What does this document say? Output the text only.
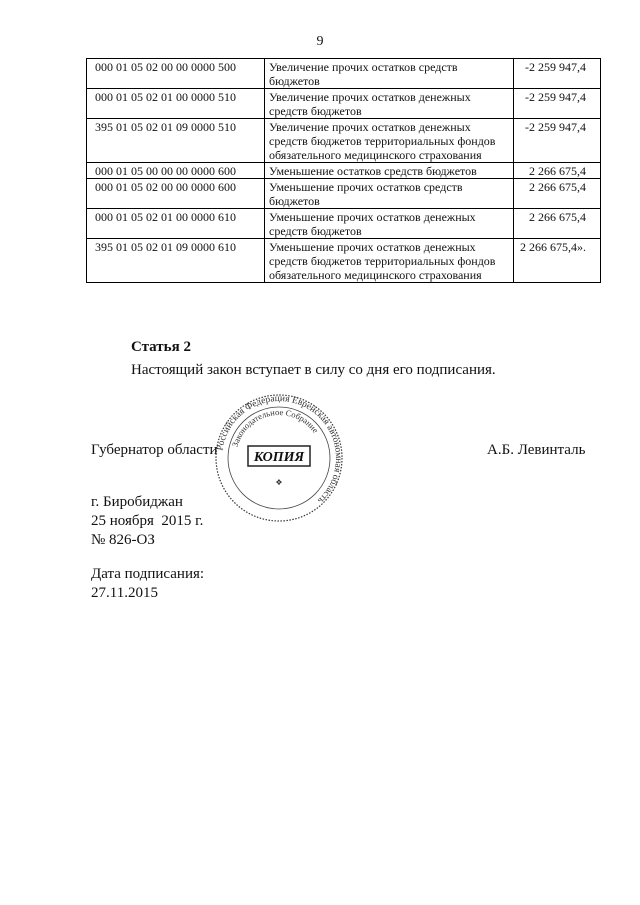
9
000 01 05 02 00 00 0000 500	Увеличение прочих остатков средств бюджетов	-2 259 947,4
000 01 05 02 01 00 0000 510	Увеличение прочих остатков денежных средств бюджетов	-2 259 947,4
395 01 05 02 01 09 0000 510	Увеличение прочих остатков денежных средств бюджетов территориальных фондов обязательного медицинского страхования	-2 259 947,4
000 01 05 00 00 00 0000 600	Уменьшение остатков средств бюджетов	2 266 675,4
000 01 05 02 00 00 0000 600	Уменьшение прочих остатков средств бюджетов	2 266 675,4
000 01 05 02 01 00 0000 610	Уменьшение прочих остатков денежных средств бюджетов	2 266 675,4
395 01 05 02 01 09 0000 610	Уменьшение прочих остатков денежных средств бюджетов территориальных фондов обязательного медицинского страхования	2 266 675,4».
Статья 2
Настоящий закон вступает в силу со дня его подписания.
Губернатор области	А.Б. Левинталь
Российская Федерация Еврейская автономная область
Законодательное Собрание
КОПИЯ
❖
г. Биробиджан
25 ноября  2015 г.
№ 826-ОЗ
Дата подписания:
27.11.2015
